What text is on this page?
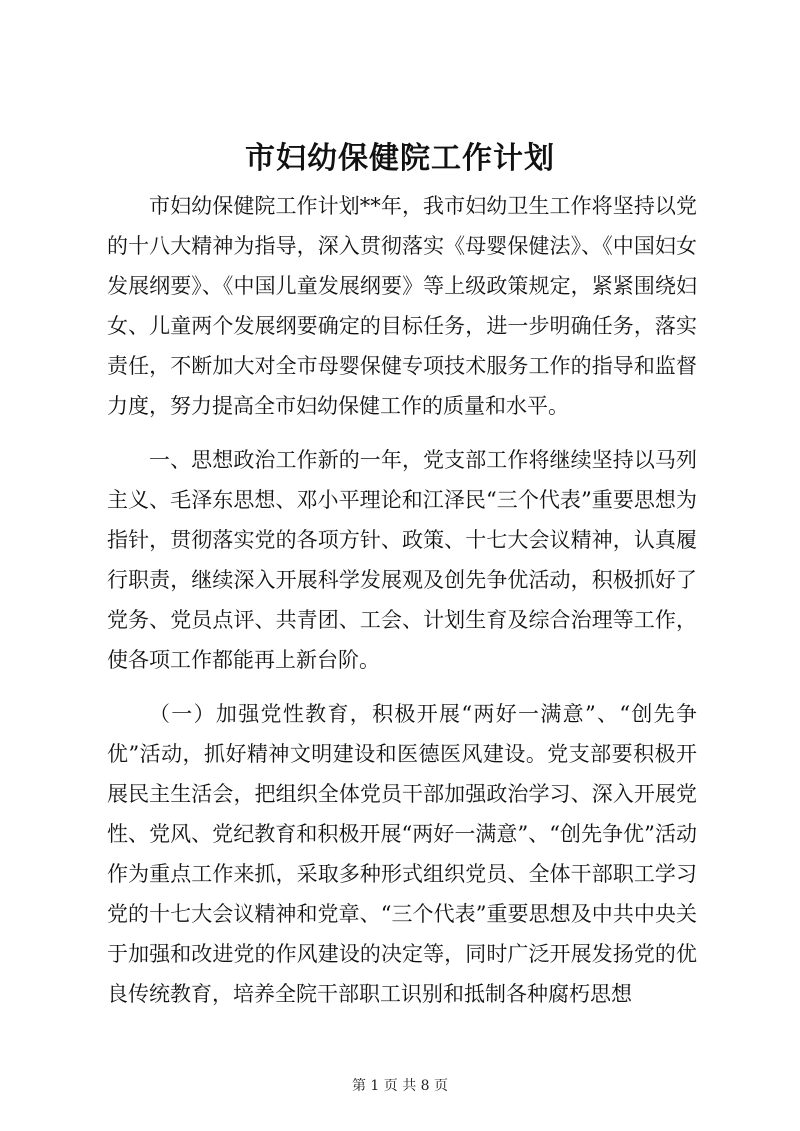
市妇幼保健院工作计划

市妇幼保健院工作计划**年，我市妇幼卫生工作将坚持以党的十八大精神为指导，深入贯彻落实《母婴保健法》、《中国妇女发展纲要》、《中国儿童发展纲要》等上级政策规定，紧紧围绕妇女、儿童两个发展纲要确定的目标任务，进一步明确任务，落实责任，不断加大对全市母婴保健专项技术服务工作的指导和监督力度，努力提高全市妇幼保健工作的质量和水平。

一、思想政治工作新的一年，党支部工作将继续坚持以马列主义、毛泽东思想、邓小平理论和江泽民“三个代表”重要思想为指针，贯彻落实党的各项方针、政策、十七大会议精神，认真履行职责，继续深入开展科学发展观及创先争优活动，积极抓好了党务、党员点评、共青团、工会、计划生育及综合治理等工作，使各项工作都能再上新台阶。

（一）加强党性教育，积极开展“两好一满意”、“创先争优”活动，抓好精神文明建设和医德医风建设。党支部要积极开展民主生活会，把组织全体党员干部加强政治学习、深入开展党性、党风、党纪教育和积极开展“两好一满意”、“创先争优”活动作为重点工作来抓，采取多种形式组织党员、全体干部职工学习党的十七大会议精神和党章、“三个代表”重要思想及中共中央关于加强和改进党的作风建设的决定等，同时广泛开展发扬党的优良传统教育，培养全院干部职工识别和抵制各种腐朽思想

第 1 页 共 8 页
